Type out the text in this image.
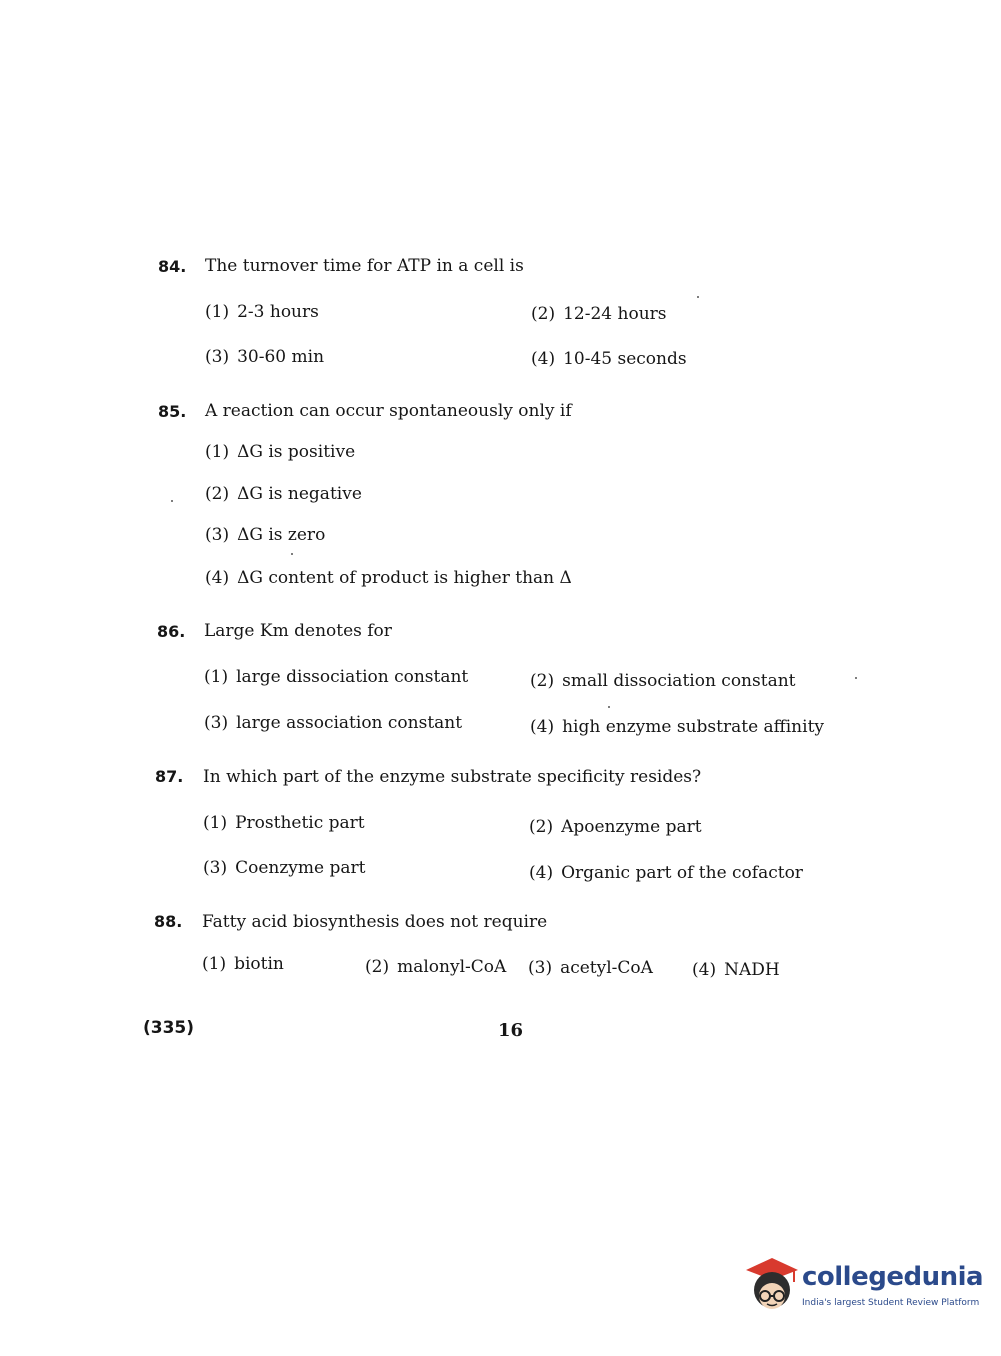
84. The turnover time for ATP in a cell is
(1) 2-3 hours	(2) 12-24 hours
(3) 30-60 min	(4) 10-45 seconds
85. A reaction can occur spontaneously only if
(1) ΔG is positive
(2) ΔG is negative
(3) ΔG is zero
(4) ΔG content of product is higher than Δ
86. Large Km denotes for
(1) large dissociation constant	(2) small dissociation constant
(3) large association constant	(4) high enzyme substrate affinity
87. In which part of the enzyme substrate specificity resides?
(1) Prosthetic part	(2) Apoenzyme part
(3) Coenzyme part	(4) Organic part of the cofactor
88. Fatty acid biosynthesis does not require
(1) biotin	(2) malonyl-CoA (3) acetyl-CoA (4) NADH
(335)	16
collegedunia
India's largest Student Review Platform
